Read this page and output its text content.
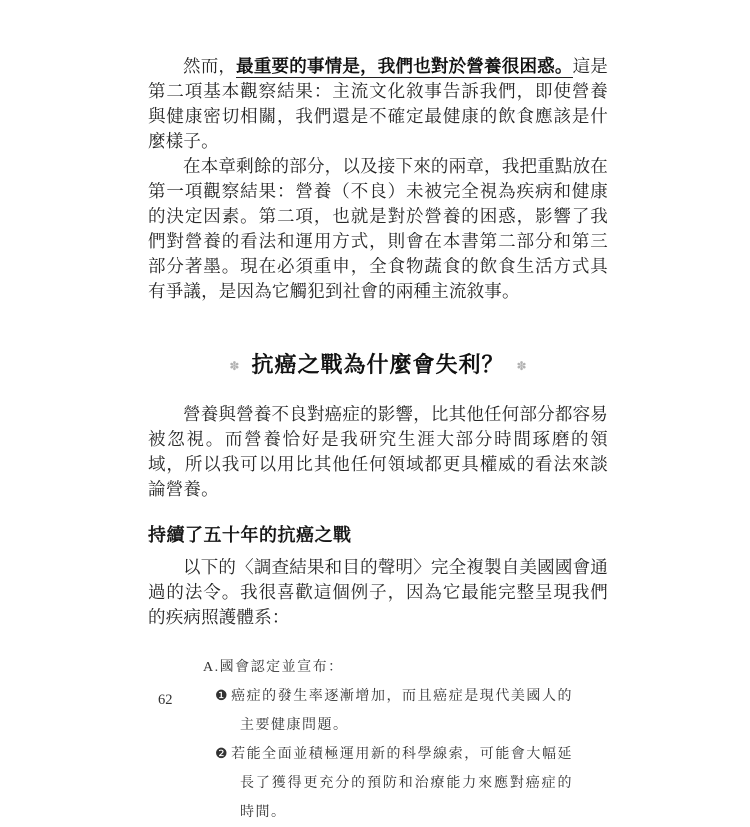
然而，最重要的事情是，我們也對於營養很困惑。這是第二項基本觀察結果：主流文化敘事告訴我們，即使營養與健康密切相關，我們還是不確定最健康的飲食應該是什麼樣子。

在本章剩餘的部分，以及接下來的兩章，我把重點放在第一項觀察結果：營養（不良）未被完全視為疾病和健康的決定因素。第二項，也就是對於營養的困惑，影響了我們對營養的看法和運用方式，則會在本書第二部分和第三部分著墨。現在必須重申，全食物蔬食的飲食生活方式具有爭議，是因為它觸犯到社會的兩種主流敘事。

✽ 抗癌之戰為什麼會失利？ ✽

營養與營養不良對癌症的影響，比其他任何部分都容易被忽視。而營養恰好是我研究生涯大部分時間琢磨的領域，所以我可以用比其他任何領域都更具權威的看法來談論營養。

持續了五十年的抗癌之戰

以下的〈調查結果和目的聲明〉完全複製自美國國會通過的法令。我很喜歡這個例子，因為它最能完整呈現我們的疾病照護體系：

A.國會認定並宣布：

❶ 癌症的發生率逐漸增加，而且癌症是現代美國人的主要健康問題。

❷ 若能全面並積極運用新的科學線索，可能會大幅延長了獲得更充分的預防和治療能力來應對癌症的時間。

62
